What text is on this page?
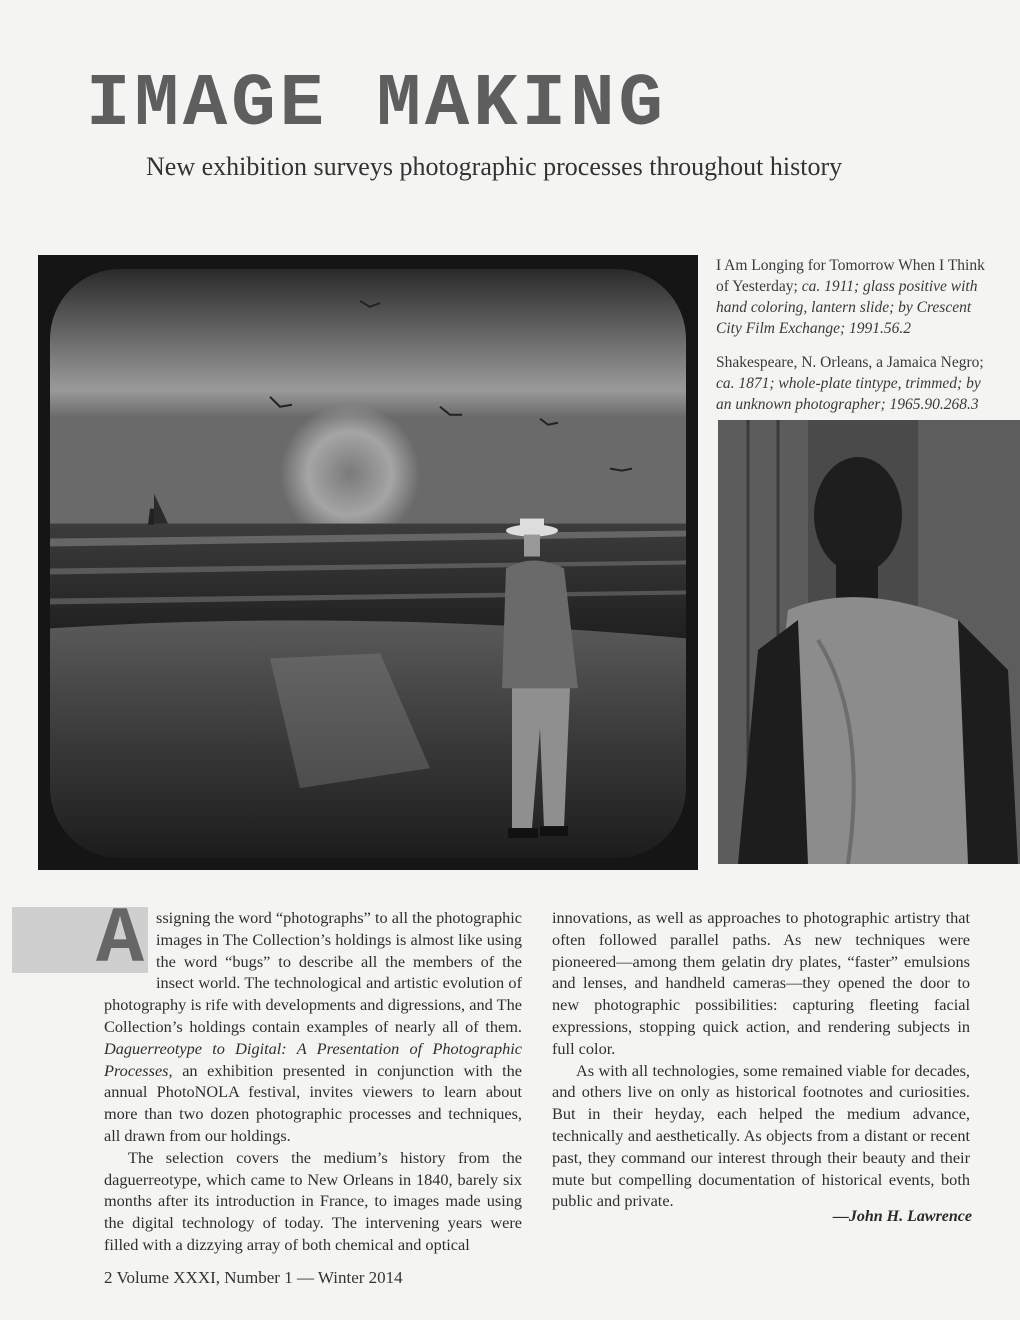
IMAGE MAKING
New exhibition surveys photographic processes throughout history
I Am Longing for Tomorrow When I Think of Yesterday; ca. 1911; glass positive with hand coloring, lantern slide; by Crescent City Film Exchange; 1991.56.2
Shakespeare, N. Orleans, a Jamaica Negro; ca. 1871; whole-plate tintype, trimmed; by an unknown photographer; 1965.90.268.3

A ssigning the word “photographs” to all the photographic images in The Collection’s holdings is almost like using the word “bugs” to describe all the members of the insect world. The technological and artistic evolution of photography is rife with developments and digressions, and The Collection’s holdings contain examples of nearly all of them. Daguerreotype to Digital: A Presentation of Photographic Processes, an exhibition presented in conjunction with the annual PhotoNOLA festival, invites viewers to learn about more than two dozen photographic processes and techniques, all drawn from our holdings.

The selection covers the medium’s history from the daguerreotype, which came to New Orleans in 1840, barely six months after its introduction in France, to images made using the digital technology of today. The intervening years were filled with a dizzying array of both chemical and optical

innovations, as well as approaches to photographic artistry that often followed parallel paths. As new techniques were pioneered—among them gelatin dry plates, “faster” emulsions and lenses, and handheld cameras—they opened the door to new photographic possibilities: capturing fleeting facial expressions, stopping quick action, and rendering subjects in full color.

As with all technologies, some remained viable for decades, and others live on only as historical footnotes and curiosities. But in their heyday, each helped the medium advance, technically and aesthetically. As objects from a distant or recent past, they command our interest through their beauty and their mute but compelling documentation of historical events, both public and private.

—John H. Lawrence
2 Volume XXXI, Number 1 — Winter 2014
